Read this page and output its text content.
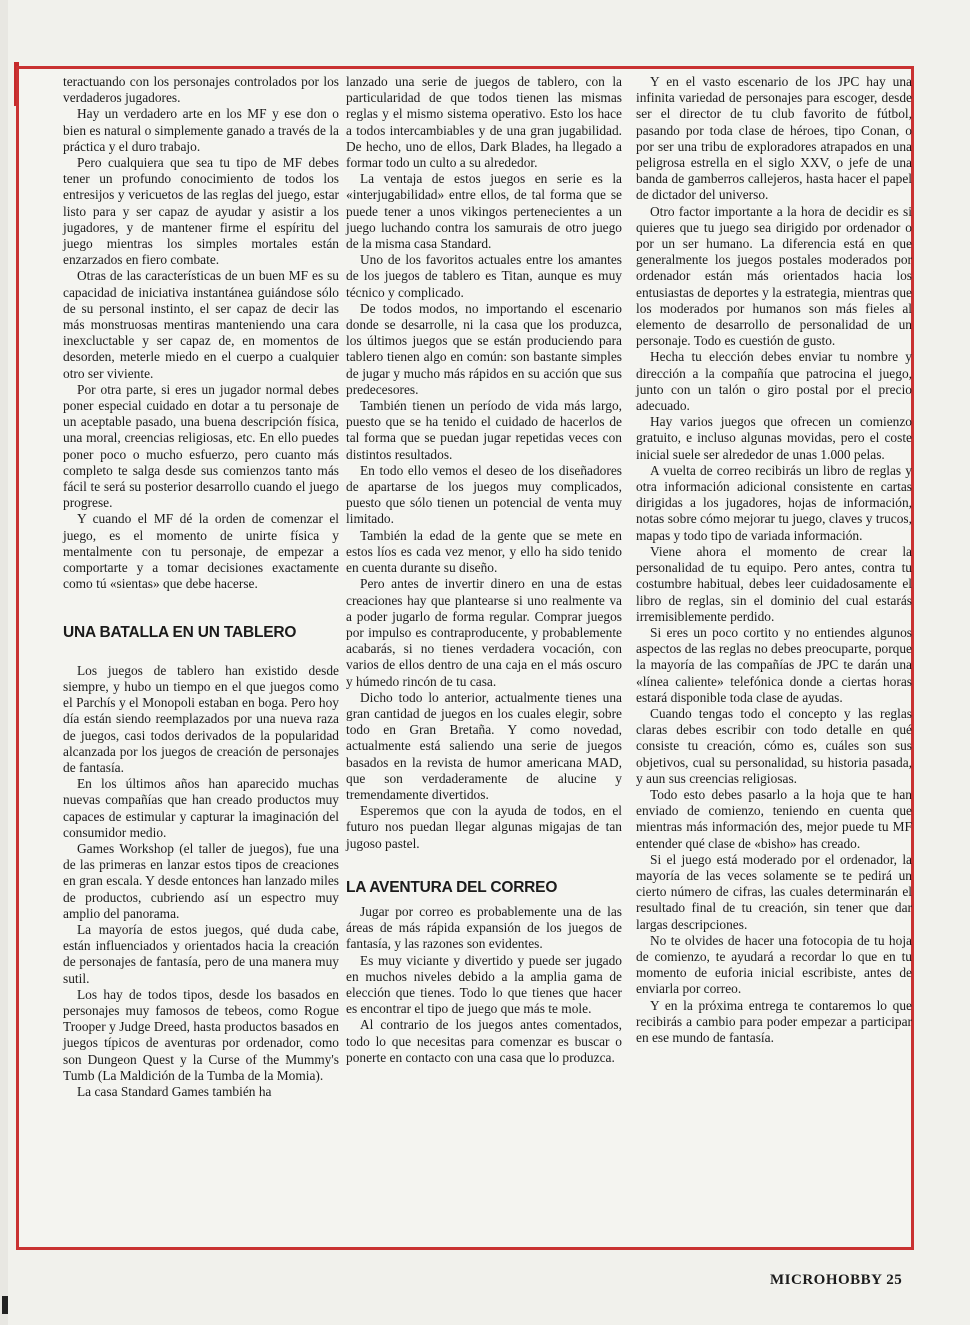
teractuando con los personajes controlados por los verdaderos jugadores.

Hay un verdadero arte en los MF y ese don o bien es natural o simplemente ganado a través de la práctica y el duro trabajo.

Pero cualquiera que sea tu tipo de MF debes tener un profundo conocimiento de todos los entresijos y vericuetos de las reglas del juego, estar listo para y ser capaz de ayudar y asistir a los jugadores, y de mantener firme el espíritu del juego mientras los simples mortales están enzarzados en fiero combate.

Otras de las características de un buen MF es su capacidad de iniciativa instantánea guiándose sólo de su personal instinto, el ser capaz de decir las más monstruosas mentiras manteniendo una cara inexcluctable y ser capaz de, en momentos de desorden, meterle miedo en el cuerpo a cualquier otro ser viviente.

Por otra parte, si eres un jugador normal debes poner especial cuidado en dotar a tu personaje de un aceptable pasado, una buena descripción física, una moral, creencias religiosas, etc. En ello puedes poner poco o mucho esfuerzo, pero cuanto más completo te salga desde sus comienzos tanto más fácil te será su posterior desarrollo cuando el juego progrese.

Y cuando el MF dé la orden de comenzar el juego, es el momento de unirte física y mentalmente con tu personaje, de empezar a comportarte y a tomar decisiones exactamente como tú «sientas» que debe hacerse.

UNA BATALLA EN UN TABLERO

Los juegos de tablero han existido desde siempre, y hubo un tiempo en el que juegos como el Parchís y el Monopoli estaban en boga. Pero hoy día están siendo reemplazados por una nueva raza de juegos, casi todos derivados de la popularidad alcanzada por los juegos de creación de personajes de fantasía.

En los últimos años han aparecido muchas nuevas compañías que han creado productos muy capaces de estimular y capturar la imaginación del consumidor medio.

Games Workshop (el taller de juegos), fue una de las primeras en lanzar estos tipos de creaciones en gran escala. Y desde entonces han lanzado miles de productos, cubriendo así un espectro muy amplio del panorama.

La mayoría de estos juegos, qué duda cabe, están influenciados y orientados hacia la creación de personajes de fantasía, pero de una manera muy sutil.

Los hay de todos tipos, desde los basados en personajes muy famosos de tebeos, como Rogue Trooper y Judge Dreed, hasta productos basados en juegos típicos de aventuras por ordenador, como son Dungeon Quest y la Curse of the Mummy's Tumb (La Maldición de la Tumba de la Momia).

La casa Standard Games también ha

lanzado una serie de juegos de tablero, con la particularidad de que todos tienen las mismas reglas y el mismo sistema operativo. Esto los hace a todos intercambiables y de una gran jugabilidad. De hecho, uno de ellos, Dark Blades, ha llegado a formar todo un culto a su alrededor.

La ventaja de estos juegos en serie es la «interjugabilidad» entre ellos, de tal forma que se puede tener a unos vikingos pertenecientes a un juego luchando contra los samurais de otro juego de la misma casa Standard.

Uno de los favoritos actuales entre los amantes de los juegos de tablero es Titan, aunque es muy técnico y complicado.

De todos modos, no importando el escenario donde se desarrolle, ni la casa que los produzca, los últimos juegos que se están produciendo para tablero tienen algo en común: son bastante simples de jugar y mucho más rápidos en su acción que sus predecesores.

También tienen un período de vida más largo, puesto que se ha tenido el cuidado de hacerlos de tal forma que se puedan jugar repetidas veces con distintos resultados.

En todo ello vemos el deseo de los diseñadores de apartarse de los juegos muy complicados, puesto que sólo tienen un potencial de venta muy limitado.

También la edad de la gente que se mete en estos líos es cada vez menor, y ello ha sido tenido en cuenta durante su diseño.

Pero antes de invertir dinero en una de estas creaciones hay que plantearse si uno realmente va a poder jugarlo de forma regular. Comprar juegos por impulso es contraproducente, y probablemente acabarás, si no tienes verdadera vocación, con varios de ellos dentro de una caja en el más oscuro y húmedo rincón de tu casa.

Dicho todo lo anterior, actualmente tienes una gran cantidad de juegos en los cuales elegir, sobre todo en Gran Bretaña. Y como novedad, actualmente está saliendo una serie de juegos basados en la revista de humor americana MAD, que son verdaderamente de alucine y tremendamente divertidos.

Esperemos que con la ayuda de todos, en el futuro nos puedan llegar algunas migajas de tan jugoso pastel.

LA AVENTURA DEL CORREO

Jugar por correo es probablemente una de las áreas de más rápida expansión de los juegos de fantasía, y las razones son evidentes.

Es muy viciante y divertido y puede ser jugado en muchos niveles debido a la amplia gama de elección que tienes. Todo lo que tienes que hacer es encontrar el tipo de juego que más te mole.

Al contrario de los juegos antes comentados, todo lo que necesitas para comenzar es buscar o ponerte en contacto con una casa que lo produzca.

Y en el vasto escenario de los JPC hay una infinita variedad de personajes para escoger, desde ser el director de tu club favorito de fútbol, pasando por toda clase de héroes, tipo Conan, o por ser una tribu de exploradores atrapados en una peligrosa estrella en el siglo XXV, o jefe de una banda de gamberros callejeros, hasta hacer el papel de dictador del universo.

Otro factor importante a la hora de decidir es si quieres que tu juego sea dirigido por ordenador o por un ser humano. La diferencia está en que generalmente los juegos postales moderados por ordenador están más orientados hacia los entusiastas de deportes y la estrategia, mientras que los moderados por humanos son más fieles al elemento de desarrollo de personalidad de un personaje. Todo es cuestión de gusto.

Hecha tu elección debes enviar tu nombre y dirección a la compañía que patrocina el juego, junto con un talón o giro postal por el precio adecuado.

Hay varios juegos que ofrecen un comienzo gratuito, e incluso algunas movidas, pero el coste inicial suele ser alrededor de unas 1.000 pelas.

A vuelta de correo recibirás un libro de reglas y otra información adicional consistente en cartas dirigidas a los jugadores, hojas de información, notas sobre cómo mejorar tu juego, claves y trucos, mapas y todo tipo de variada información.

Viene ahora el momento de crear la personalidad de tu equipo. Pero antes, contra tu costumbre habitual, debes leer cuidadosamente el libro de reglas, sin el dominio del cual estarás irremisiblemente perdido.

Si eres un poco cortito y no entiendes algunos aspectos de las reglas no debes preocuparte, porque la mayoría de las compañías de JPC te darán una «línea caliente» telefónica donde a ciertas horas estará disponible toda clase de ayudas.

Cuando tengas todo el concepto y las reglas claras debes escribir con todo detalle en qué consiste tu creación, cómo es, cuáles son sus objetivos, cual su personalidad, su historia pasada, y aun sus creencias religiosas.

Todo esto debes pasarlo a la hoja que te han enviado de comienzo, teniendo en cuenta que mientras más información des, mejor puede tu MF entender qué clase de «bisho» has creado.

Si el juego está moderado por el ordenador, la mayoría de las veces solamente se te pedirá un cierto número de cifras, las cuales determinarán el resultado final de tu creación, sin tener que dar largas descripciones.

No te olvides de hacer una fotocopia de tu hoja de comienzo, te ayudará a recordar lo que en tu momento de euforia inicial escribiste, antes de enviarla por correo.

Y en la próxima entrega te contaremos lo que recibirás a cambio para poder empezar a participar en ese mundo de fantasía.

MICROHOBBY 25
